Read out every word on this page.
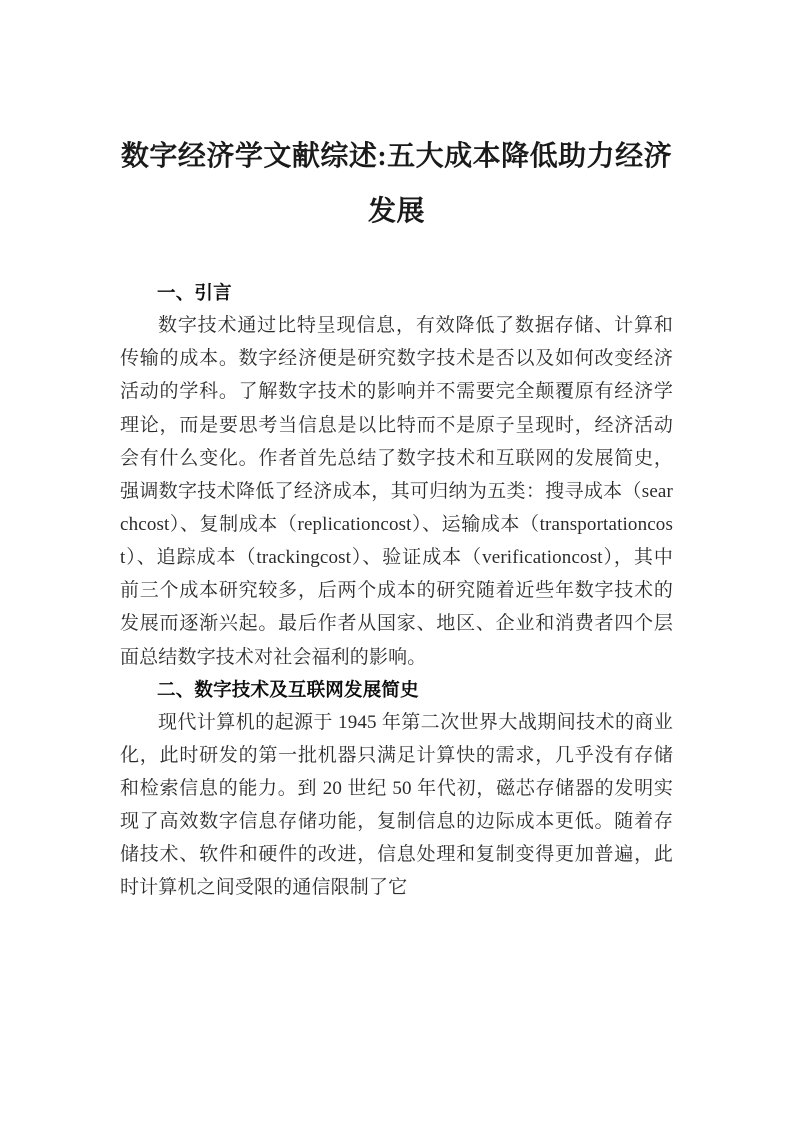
数字经济学文献综述:五大成本降低助力经济发展
一、引言

数字技术通过比特呈现信息，有效降低了数据存储、计算和传输的成本。数字经济便是研究数字技术是否以及如何改变经济活动的学科。了解数字技术的影响并不需要完全颠覆原有经济学理论，而是要思考当信息是以比特而不是原子呈现时，经济活动会有什么变化。作者首先总结了数字技术和互联网的发展简史，强调数字技术降低了经济成本，其可归纳为五类：搜寻成本（searchcost）、复制成本（replicationcost）、运输成本（transportationcost）、追踪成本（trackingcost）、验证成本（verificationcost），其中前三个成本研究较多，后两个成本的研究随着近些年数字技术的发展而逐渐兴起。最后作者从国家、地区、企业和消费者四个层面总结数字技术对社会福利的影响。

二、数字技术及互联网发展简史

现代计算机的起源于 1945 年第二次世界大战期间技术的商业化，此时研发的第一批机器只满足计算快的需求，几乎没有存储和检索信息的能力。到 20 世纪 50 年代初，磁芯存储器的发明实现了高效数字信息存储功能，复制信息的边际成本更低。随着存储技术、软件和硬件的改进，信息处理和复制变得更加普遍，此时计算机之间受限的通信限制了它
